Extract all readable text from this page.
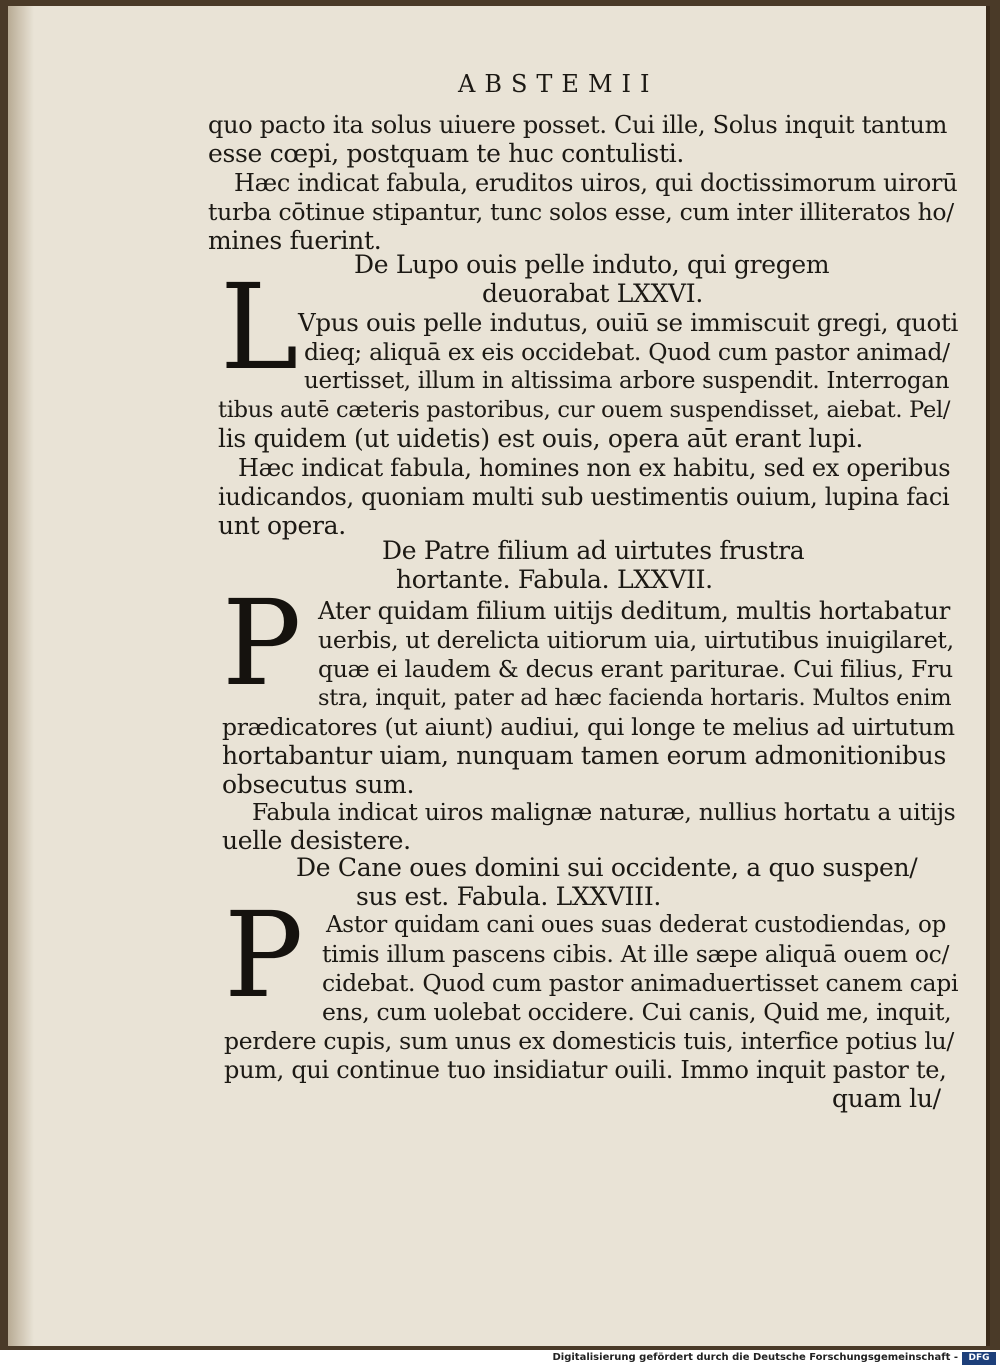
ABSTEMII
quo pacto ita solus uiuere posset. Cui ille, Solus inquit tantum
esse cœpi, postquam te huc contulisti.
Hæc indicat fabula, eruditos uiros, qui doctissimorum uirorū
turba cōtinue stipantur, tunc solos esse, cum inter illiteratos ho/
mines fuerint.
De Lupo ouis pelle induto, qui gregem
deuorabat LXXVI.
L Vpus ouis pelle indutus, ouiū se immiscuit gregi, quoti
dieq; aliquā ex eis occidebat. Quod cum pastor animad/
uertisset, illum in altissima arbore suspendit. Interrogan
tibus autē cæteris pastoribus, cur ouem suspendisset, aiebat. Pel/
lis quidem (ut uidetis) est ouis, opera aūt erant lupi.
Hæc indicat fabula, homines non ex habitu, sed ex operibus
iudicandos, quoniam multi sub uestimentis ouium, lupina faci
unt opera.
De Patre filium ad uirtutes frustra
hortante. Fabula. LXXVII.
P Ater quidam filium uitijs deditum, multis hortabatur
uerbis, ut derelicta uitiorum uia, uirtutibus inuigilaret,
quæ ei laudem & decus erant pariturae. Cui filius, Fru
stra, inquit, pater ad hæc facienda hortaris. Multos enim
prædicatores (ut aiunt) audiui, qui longe te melius ad uirtutum
hortabantur uiam, nunquam tamen eorum admonitionibus
obsecutus sum.
Fabula indicat uiros malignæ naturæ, nullius hortatu a uitijs
uelle desistere.
De Cane oues domini sui occidente, a quo suspen/
sus est. Fabula. LXXVIII.
P Astor quidam cani oues suas dederat custodiendas, op
timis illum pascens cibis. At ille sæpe aliquā ouem oc/
cidebat. Quod cum pastor animaduertisset canem capi
ens, cum uolebat occidere. Cui canis, Quid me, inquit,
perdere cupis, sum unus ex domesticis tuis, interfice potius lu/
pum, qui continue tuo insidiatur ouili. Immo inquit pastor te,
quam lu/
Digitalisierung gefördert durch die Deutsche Forschungsgemeinschaft -	DFG
